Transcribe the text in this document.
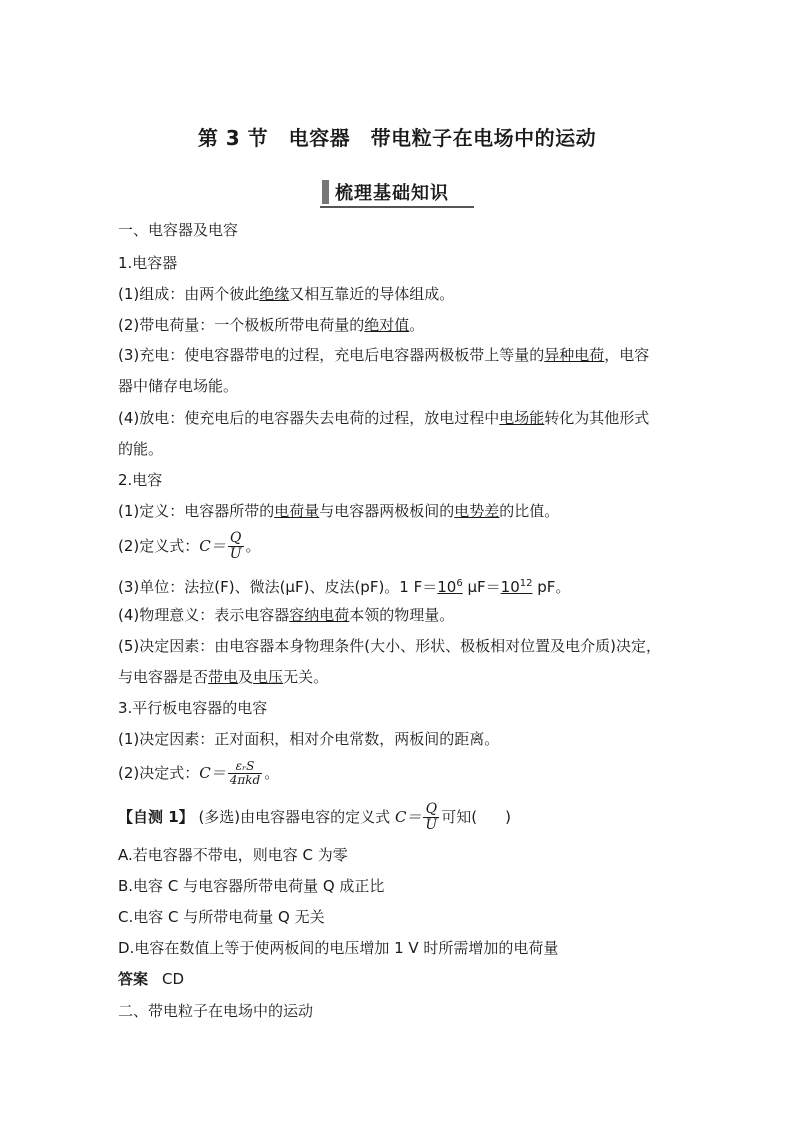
第 3 节　电容器　带电粒子在电场中的运动
梳理基础知识
一、电容器及电容
1.电容器
(1)组成：由两个彼此绝缘又相互靠近的导体组成。
(2)带电荷量：一个极板所带电荷量的绝对值。
(3)充电：使电容器带电的过程，充电后电容器两极板带上等量的异种电荷，电容
器中储存电场能。
(4)放电：使充电后的电容器失去电荷的过程，放电过程中电场能转化为其他形式
的能。
2.电容
(1)定义：电容器所带的电荷量与电容器两极板间的电势差的比值。
(2)定义式：$C= \frac{Q}{U}$ 。
(3)单位：法拉(F)、微法(μF)、皮法(pF)。1 $F=10^6$ $\mu F=10^{12}$ pF。
(4)物理意义：表示电容器容纳电荷本领的物理量。
(5)决定因素：由电容器本身物理条件(大小、形状、极板相对位置及电介质)决定，
与电容器是否带电及电压无关。
3.平行板电容器的电容
(1)决定因素：正对面积，相对介电常数，两板间的距离。
(2)决定式：$C= \frac{\text{εᵣS}}{\text{4πkd}}$ 。
【自测 1】 (多选)由电容器电容的定义式 $C= \frac{Q}{U}$ 可知( )
A.若电容器不带电，则电容 C 为零
B.电容 C 与电容器所带电荷量 Q 成正比
C.电容 C 与所带电荷量 Q 无关
D.电容在数值上等于使两板间的电压增加 1 V 时所需增加的电荷量
答案 CD
二、带电粒子在电场中的运动
